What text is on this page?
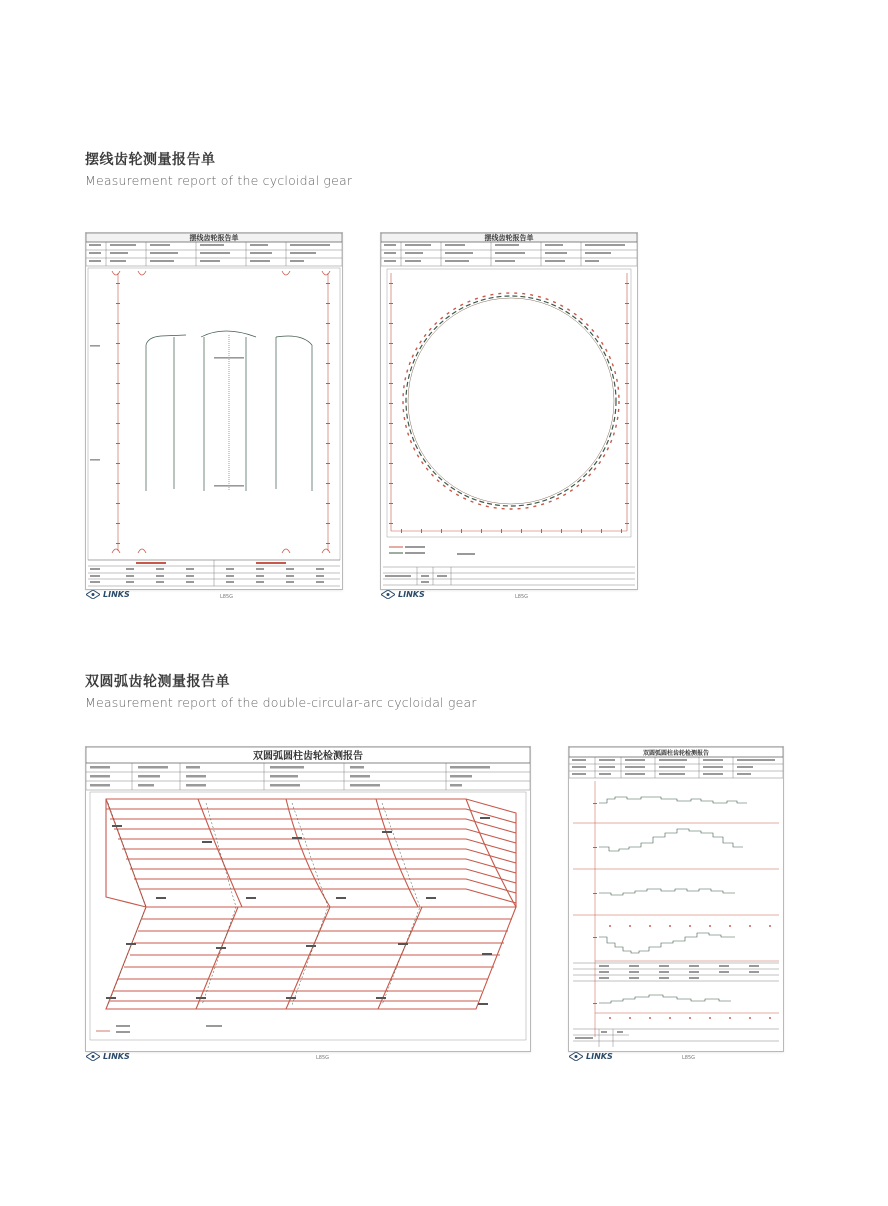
摆线齿轮测量报告单
Measurement report of the cycloidal gear
摆线齿轮报告单
LINKS	L85G
摆线齿轮报告单
LINKS	L85G
双圆弧齿轮测量报告单
Measurement report of the double-circular-arc cycloidal gear
双圆弧圆柱齿轮检测报告
LINKS	L85G
双圆弧圆柱齿轮检测报告
LINKS	L85G
